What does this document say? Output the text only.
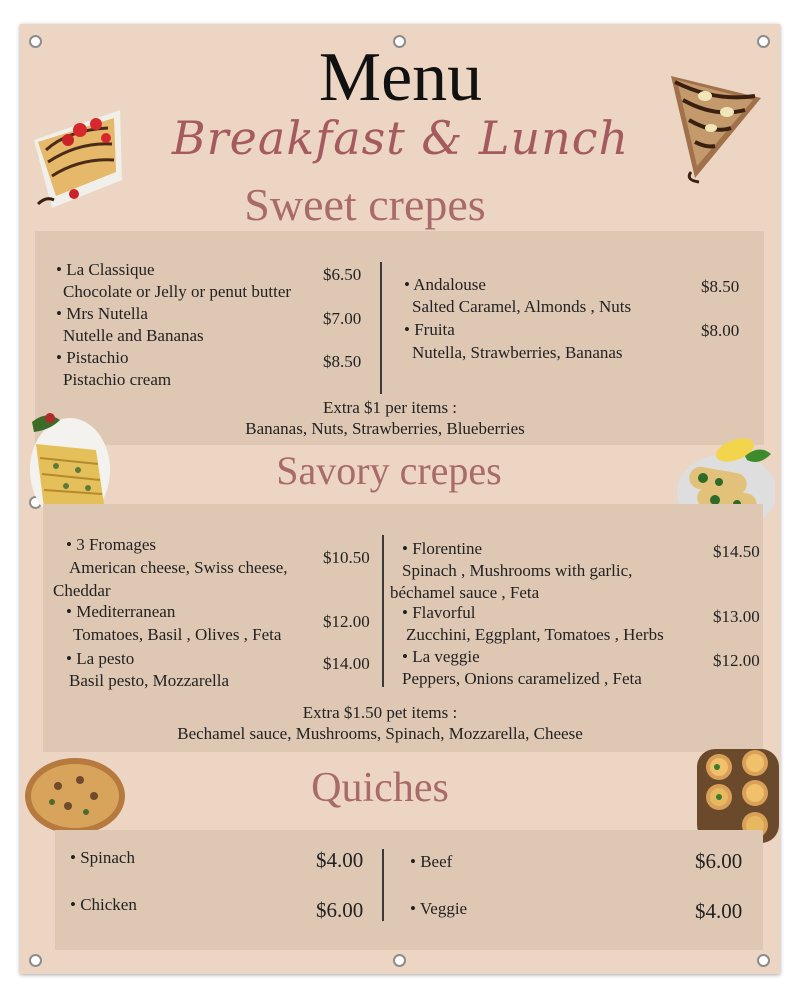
Menu
Breakfast & Lunch
Sweet crepes
• La Classique
Chocolate or Jelly or penut butter
$6.50
• Mrs Nutella
Nutelle and Bananas
$7.00
• Pistachio
Pistachio cream
$8.50
• Andalouse
Salted Caramel, Almonds , Nuts
$8.50
• Fruita
Nutella, Strawberries, Bananas
$8.00
Extra $1 per items :
Bananas, Nuts, Strawberries, Blueberries
Savory crepes
• 3 Fromages
American cheese, Swiss cheese,
Cheddar
$10.50
• Mediterranean
Tomatoes, Basil , Olives , Feta
$12.00
• La pesto
Basil pesto, Mozzarella
$14.00
• Florentine
Spinach , Mushrooms with garlic,
béchamel sauce , Feta
$14.50
• Flavorful
Zucchini, Eggplant, Tomatoes , Herbs
$13.00
• La veggie
Peppers, Onions caramelized , Feta
$12.00
Extra $1.50 pet items :
Bechamel sauce, Mushrooms, Spinach, Mozzarella, Cheese
Quiches
• Spinach	$4.00
• Chicken	$6.00
• Beef	$6.00
• Veggie	$4.00
